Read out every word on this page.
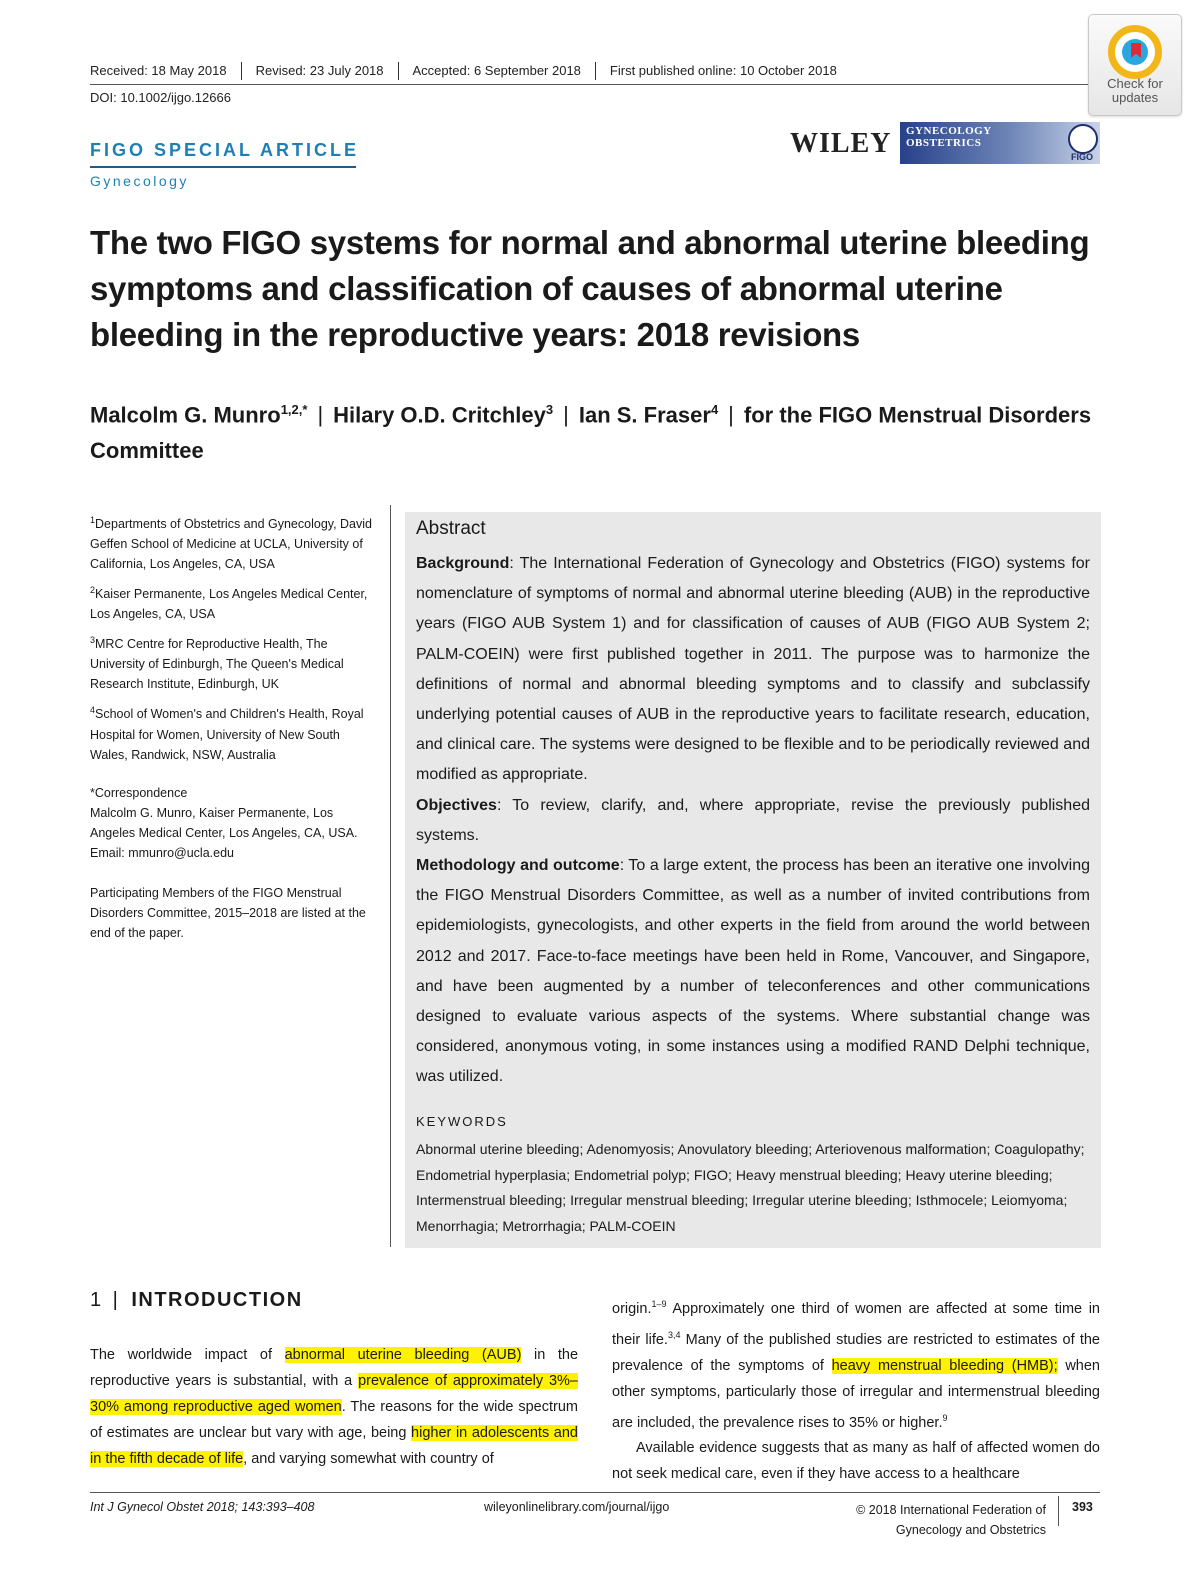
Received: 18 May 2018	Revised: 23 July 2018	Accepted: 6 September 2018	First published online: 10 October 2018
DOI: 10.1002/ijgo.12666
Check for updates
FIGO SPECIAL ARTICLE
Gynecology
WILEY GYNECOLOGY OBSTETRICS
FIGO
The two FIGO systems for normal and abnormal uterine bleeding symptoms and classification of causes of abnormal uterine bleeding in the reproductive years: 2018 revisions
Malcolm G. Munro$^{1,2,*}$ | Hilary O.D. Critchley$^3$ | Ian S. Fraser$^4$ | for the FIGO Menstrual Disorders Committee
$^1$Departments of Obstetrics and Gynecology, David Geffen School of Medicine at UCLA, University of California, Los Angeles, CA, USA
$^2$Kaiser Permanente, Los Angeles Medical Center, Los Angeles, CA, USA
$^3$MRC Centre for Reproductive Health, The University of Edinburgh, The Queen's Medical Research Institute, Edinburgh, UK
$^4$School of Women's and Children's Health, Royal Hospital for Women, University of New South Wales, Randwick, NSW, Australia
*Correspondence
Malcolm G. Munro, Kaiser Permanente, Los Angeles Medical Center, Los Angeles, CA, USA.
Email: mmunro@ucla.edu
Participating Members of the FIGO Menstrual Disorders Committee, 2015–2018 are listed at the end of the paper.
Abstract

Background: The International Federation of Gynecology and Obstetrics (FIGO) systems for nomenclature of symptoms of normal and abnormal uterine bleeding (AUB) in the reproductive years (FIGO AUB System 1) and for classification of causes of AUB (FIGO AUB System 2; PALM‐COEIN) were first published together in 2011. The purpose was to harmonize the definitions of normal and abnormal bleeding symptoms and to classify and subclassify underlying potential causes of AUB in the reproductive years to facilitate research, education, and clinical care. The systems were designed to be flexible and to be periodically reviewed and modified as appropriate.

Objectives: To review, clarify, and, where appropriate, revise the previously published systems.

Methodology and outcome: To a large extent, the process has been an iterative one involving the FIGO Menstrual Disorders Committee, as well as a number of invited contributions from epidemiologists, gynecologists, and other experts in the field from around the world between 2012 and 2017. Face‐to‐face meetings have been held in Rome, Vancouver, and Singapore, and have been augmented by a number of teleconferences and other communications designed to evaluate various aspects of the systems. Where substantial change was considered, anonymous voting, in some instances using a modified RAND Delphi technique, was utilized.

KEYWORDS
Abnormal uterine bleeding; Adenomyosis; Anovulatory bleeding; Arteriovenous malformation; Coagulopathy; Endometrial hyperplasia; Endometrial polyp; FIGO; Heavy menstrual bleeding; Heavy uterine bleeding; Intermenstrual bleeding; Irregular menstrual bleeding; Irregular uterine bleeding; Isthmocele; Leiomyoma; Menorrhagia; Metrorrhagia; PALM‐COEIN
1 | INTRODUCTION

The worldwide impact of abnormal uterine bleeding (AUB) in the reproductive years is substantial, with a prevalence of approximately 3%–30% among reproductive aged women. The reasons for the wide spectrum of estimates are unclear but vary with age, being higher in adolescents and in the fifth decade of life, and varying somewhat with country of

origin.$^{1-9}$ Approximately one third of women are affected at some time in their life.$^{3,4}$ Many of the published studies are restricted to estimates of the prevalence of the symptoms of heavy menstrual bleeding (HMB); when other symptoms, particularly those of irregular and intermenstrual bleeding are included, the prevalence rises to 35% or higher.$^9$

Available evidence suggests that as many as half of affected women do not seek medical care, even if they have access to a healthcare

Int J Gynecol Obstet 2018; 143:393–408	wileyonlinelibrary.com/journal/ijgo	© 2018 International Federation of Gynecology and Obstetrics
393
